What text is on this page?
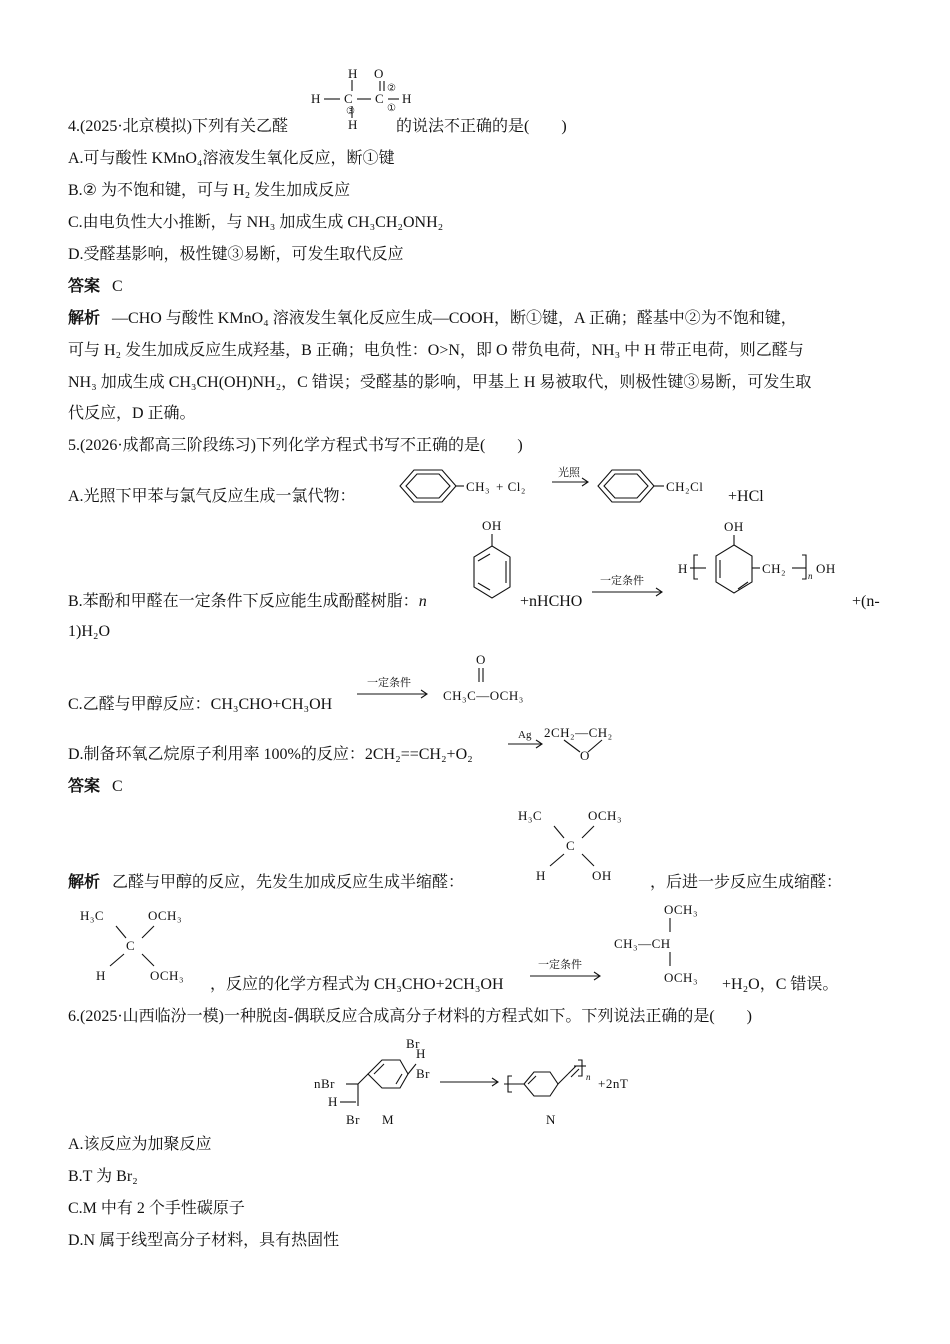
H
H C
③
H
C
O
②
①
H
4.(2025·北京模拟)下列有关乙醛	的说法不正确的是(　　)
A.可与酸性 KMnO₄溶液发生氧化反应，断①键
B.② 为不饱和键，可与 H₂ 发生加成反应
C.由电负性大小推断，与 NH₃ 加成生成 CH₃CH₂ONH₂
D.受醛基影响，极性键③易断，可发生取代反应
答案 C
解析 —CHO 与酸性 KMnO₄ 溶液发生氧化反应生成—COOH，断①键，A 正确；醛基中②为不饱和键，
可与 H₂ 发生加成反应生成羟基，B 正确；电负性：O>N，即 O 带负电荷，NH₃ 中 H 带正电荷，则乙醛与
NH₃ 加成生成 CH₃CH(OH)NH₂，C 错误；受醛基的影响，甲基上 H 易被取代，则极性键③易断，可发生取
代反应，D 正确。
5.(2026·成都高三阶段练习)下列化学方程式书写不正确的是(　　)
A.光照下甲苯与氯气反应生成一氯代物：
CH₃ + Cl₂
光照
CH₂Cl
+HCl
B.苯酚和甲醛在一定条件下反应能生成酚醛树脂：n
OH
+nHCHO
一定条件
OH
H	CH₂ n OH
+(n-
1)H₂O
C.乙醛与甲醇反应：CH₃CHO+CH₃OH
一定条件
O
CH₃C—OCH₃
D.制备环氧乙烷原子利用率 100%的反应：2CH₂==CH₂+O₂
Ag 2CH₂—CH₂
O
答案 C
H₃C	OCH₃
C
H	OH
解析 乙醛与甲醇的反应，先发生加成反应生成半缩醛：	，后进一步反应生成缩醛：
H₃C	OCH₃
C
H	OCH₃
，反应的化学方程式为 CH₃CHO+2CH₃OH
一定条件
OCH₃
CH₃—CH
OCH₃ +H₂O，C 错误。
6.(2025·山西临汾一模)一种脱卤-偶联反应合成高分子材料的方程式如下。下列说法正确的是(　　)
nBr
H
Br
Br
H
Br
M
n +2nT
N
A.该反应为加聚反应
B.T 为 Br₂
C.M 中有 2 个手性碳原子
D.N 属于线型高分子材料，具有热固性
